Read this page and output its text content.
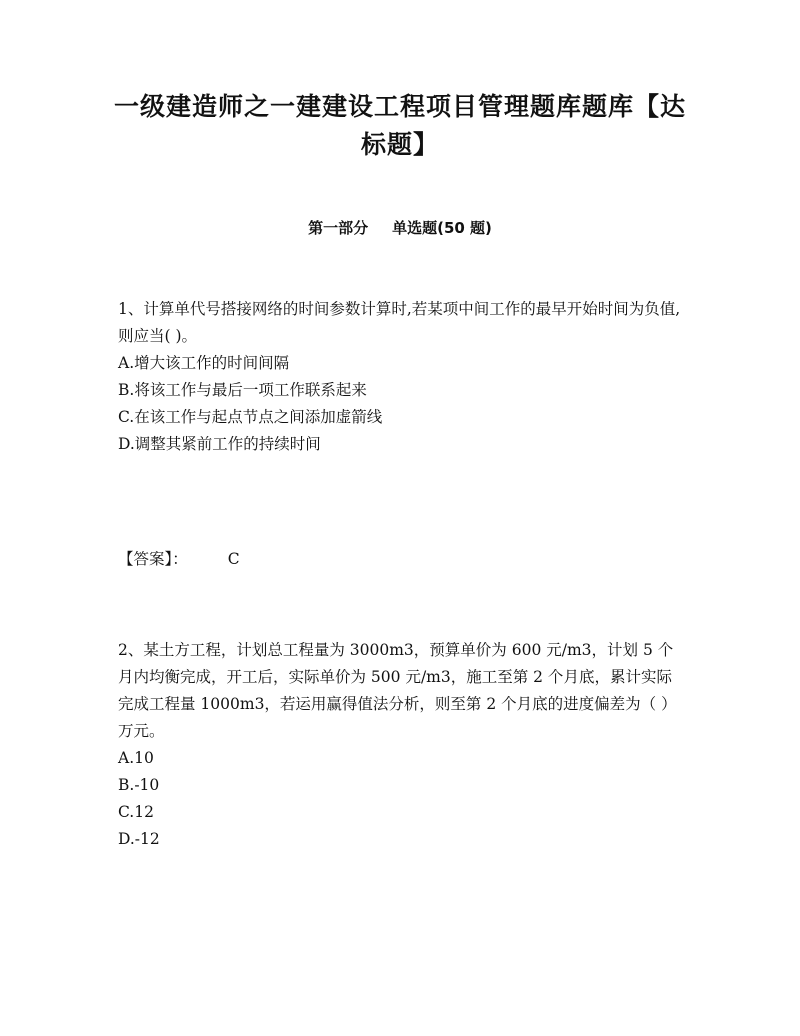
一级建造师之一建建设工程项目管理题库题库【达标题】
第一部分 单选题(50 题)

1、计算单代号搭接网络的时间参数计算时,若某项中间工作的最早开始时间为负值,则应当( )。

A.增大该工作的时间间隔

B.将该工作与最后一项工作联系起来

C.在该工作与起点节点之间添加虚箭线

D.调整其紧前工作的持续时间

【答案】：	C

2、某土方工程，计划总工程量为 3000m3，预算单价为 600 元/m3，计划 5 个月内均衡完成，开工后，实际单价为 500 元/m3，施工至第 2 个月底，累计实际完成工程量 1000m3，若运用赢得值法分析，则至第 2 个月底的进度偏差为（ ）万元。

A.10

B.-10

C.12

D.-12
